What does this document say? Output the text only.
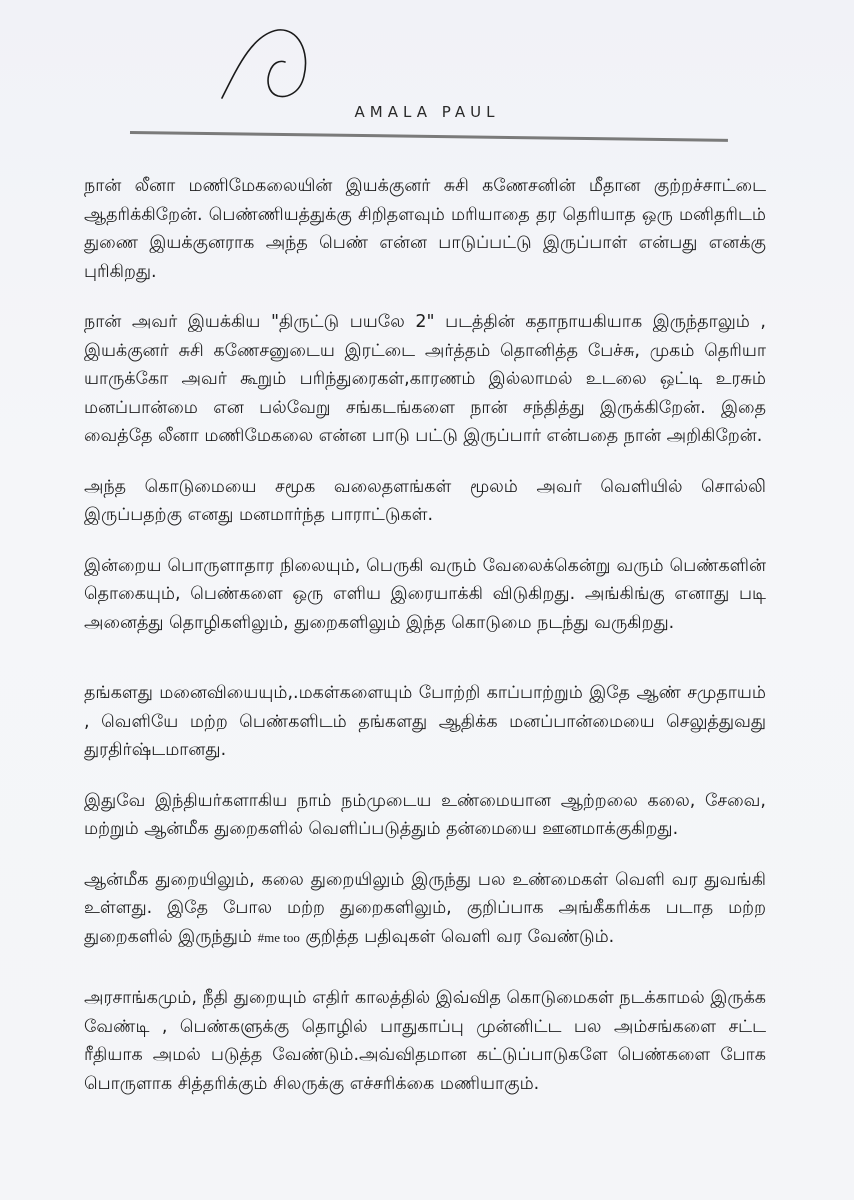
AMALA PAUL

நான் லீனா மணிமேகலையின் இயக்குனர் சுசி கணேசனின் மீதான குற்றச்சாட்டை ஆதரிக்கிறேன். பெண்ணியத்துக்கு சிறிதளவும் மரியாதை தர தெரியாத ஒரு மனிதரிடம் துணை இயக்குனராக அந்த பெண் என்ன பாடுப்பட்டு இருப்பாள் என்பது எனக்கு புரிகிறது.

நான் அவர் இயக்கிய "திருட்டு பயலே 2" படத்தின் கதாநாயகியாக இருந்தாலும் , இயக்குனர் சுசி கணேசனுடைய இரட்டை அர்த்தம் தொனித்த பேச்சு, முகம் தெரியா யாருக்கோ அவர் கூறும் பரிந்துரைகள்,காரணம் இல்லாமல் உடலை ஒட்டி உரசும் மனப்பான்மை என பல்வேறு சங்கடங்களை நான் சந்தித்து இருக்கிறேன். இதை வைத்தே லீனா மணிமேகலை என்ன பாடு பட்டு இருப்பார் என்பதை நான் அறிகிறேன்.

அந்த கொடுமையை சமூக வலைதளங்கள் மூலம் அவர் வெளியில் சொல்லி இருப்பதற்கு எனது மனமார்ந்த பாராட்டுகள்.

இன்றைய பொருளாதார நிலையும், பெருகி வரும் வேலைக்கென்று வரும் பெண்களின் தொகையும், பெண்களை ஒரு எளிய இரையாக்கி விடுகிறது. அங்கிங்கு எனாது படி அனைத்து தொழிகளிலும், துறைகளிலும் இந்த கொடுமை நடந்து வருகிறது.

தங்களது மனைவியையும்,.மகள்களையும் போற்றி காப்பாற்றும் இதே ஆண் சமுதாயம் , வெளியே மற்ற பெண்களிடம் தங்களது ஆதிக்க மனப்பான்மையை செலுத்துவது துரதிர்ஷ்டமானது.

இதுவே இந்தியர்களாகிய நாம் நம்முடைய உண்மையான ஆற்றலை கலை, சேவை, மற்றும் ஆன்மீக துறைகளில் வெளிப்படுத்தும் தன்மையை ஊனமாக்குகிறது.

ஆன்மீக துறையிலும், கலை துறையிலும் இருந்து பல உண்மைகள் வெளி வர துவங்கி உள்ளது. இதே போல மற்ற துறைகளிலும், குறிப்பாக அங்கீகரிக்க படாத மற்ற துறைகளில் இருந்தும் #me too குறித்த பதிவுகள் வெளி வர வேண்டும்.

அரசாங்கமும், நீதி துறையும் எதிர் காலத்தில் இவ்வித கொடுமைகள் நடக்காமல் இருக்க வேண்டி , பெண்களுக்கு தொழில் பாதுகாப்பு முன்னிட்ட பல அம்சங்களை சட்ட ரீதியாக அமல் படுத்த வேண்டும்.அவ்விதமான கட்டுப்பாடுகளே பெண்களை போக பொருளாக சித்தரிக்கும் சிலருக்கு எச்சரிக்கை மணியாகும்.
